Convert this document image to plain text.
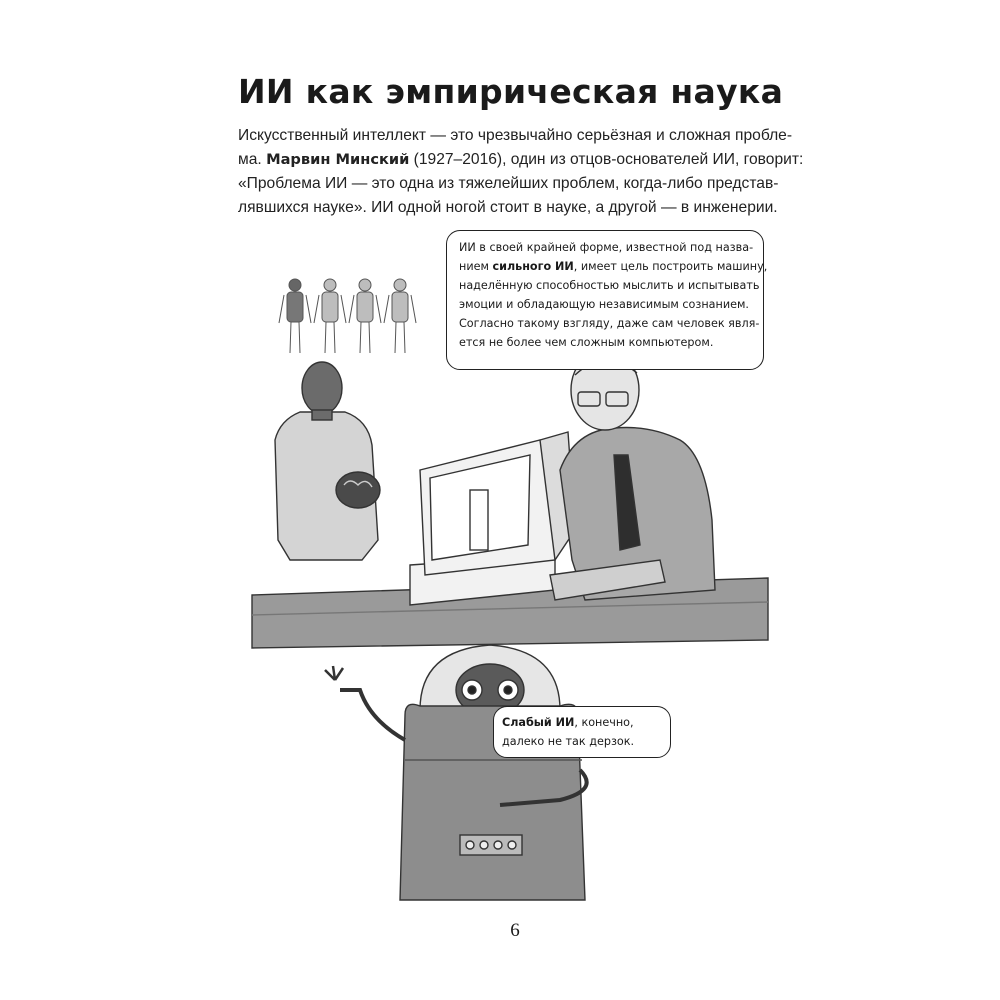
ИИ как эмпирическая наука
Искусственный интеллект — это чрезвычайно серьёзная и сложная пробле-
ма. Марвин Минский (1927–2016), один из отцов-основателей ИИ, говорит:
«Проблема ИИ — это одна из тяжелейших проблем, когда-либо представ-
лявшихся науке». ИИ одной ногой стоит в науке, а другой — в инженерии.
ИИ в своей крайней форме, известной под назва-
нием сильного ИИ, имеет цель построить машину,
наделённую способностью мыслить и испытывать
эмоции и обладающую независимым сознанием.
Согласно такому взгляду, даже сам человек явля-
ется не более чем сложным компьютером.
Слабый ИИ, конечно,
далеко не так дерзок.
6
